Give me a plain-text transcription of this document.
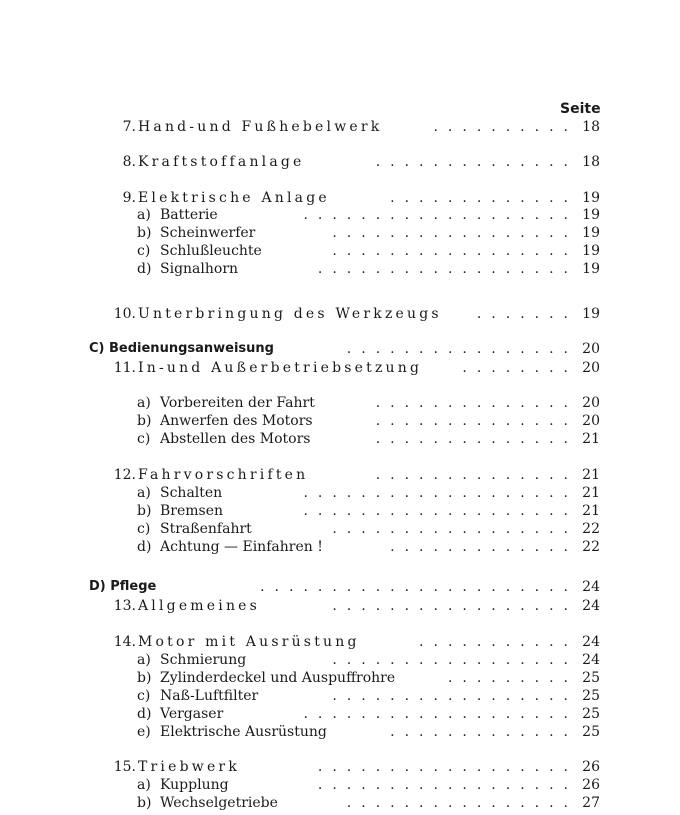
Seite
7. Hand-und Fußhebelwerk	.......... 18
8. Kraftstoffanlage	.............. 18
9. Elektrische Anlage	............. 19
a) Batterie	................... 19
b) Scheinwerfer	................. 19
c) Schlußleuchte	................. 19
d) Signalhorn	.................. 19
10. Unterbringung des Werkzeugs	....... 19
C) Bedienungsanweisung	................ 20
11. In-und Außerbetriebsetzung	........ 20
a) Vorbereiten der Fahrt	.............. 20
b) Anwerfen des Motors	.............. 20
c) Abstellen des Motors	.............. 21
12. Fahrvorschriften	.............. 21
a) Schalten	................... 21
b) Bremsen	................... 21
c) Straßenfahrt	................. 22
d) Achtung — Einfahren !	............. 22
D) Pflege	...................... 24
13. Allgemeines	................. 24
14. Motor mit Ausrüstung	........... 24
a) Schmierung	................. 24
b) Zylinderdeckel und Auspuffrohre	......... 25
c) Naß-Luftfilter	................. 25
d) Vergaser	................... 25
e) Elektrische Ausrüstung	............. 25
15. Triebwerk	.................. 26
a) Kupplung	.................. 26
b) Wechselgetriebe	................ 27
